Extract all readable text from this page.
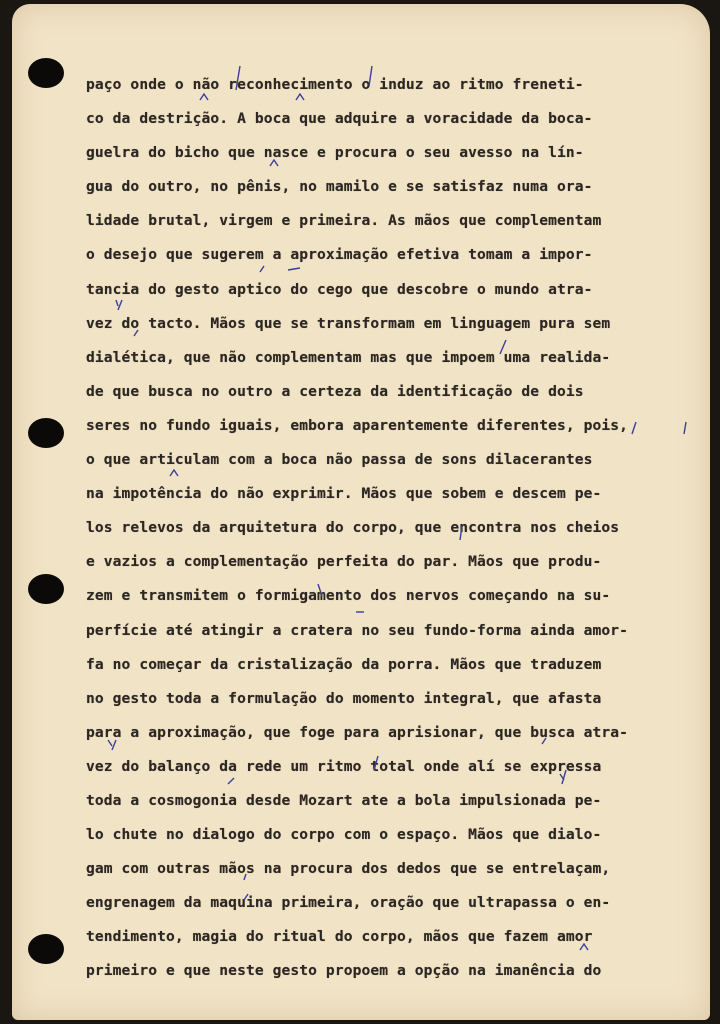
paço onde o não reconhecimento o induz ao ritmo freneti-
co da destrição. A boca que adquire a voracidade da boca-
guelra do bicho que nasce e procura o seu avesso na lín-
gua do outro, no pênis, no mamilo e se satisfaz numa ora-
lidade brutal, virgem e primeira. As mãos que complementam
o desejo que sugerem a aproximação efetiva tomam a impor-
tancia do gesto aptico do cego que descobre o mundo atra-
vez do tacto. Mãos que se transformam em linguagem pura sem
dialética, que não complementam mas que impoem uma realida-
de que busca no outro a certeza da identificação de dois
seres no fundo iguais, embora aparentemente diferentes, pois,
o que articulam com a boca não passa de sons dilacerantes
na impotência do não exprimir. Mãos que sobem e descem pe-
los relevos da arquitetura do corpo, que encontra nos cheios
e vazios a complementação perfeita do par. Mãos que produ-
zem e transmitem o formigamento dos nervos começando na su-
perfície até atingir a cratera no seu fundo-forma ainda amor-
fa no começar da cristalização da porra. Mãos que traduzem
no gesto toda a formulação do momento integral, que afasta
para a aproximação, que foge para aprisionar, que busca atra-
vez do balanço da rede um ritmo total onde alí se expressa
toda a cosmogonia desde Mozart ate a bola impulsionada pe-
lo chute no dialogo do corpo com o espaço. Mãos que dialo-
gam com outras mãos na procura dos dedos que se entrelaçam,
engrenagem da maquina primeira, oração que ultrapassa o en-
tendimento, magia do ritual do corpo, mãos que fazem amor
primeiro e que neste gesto propoem a opção na imanência do
